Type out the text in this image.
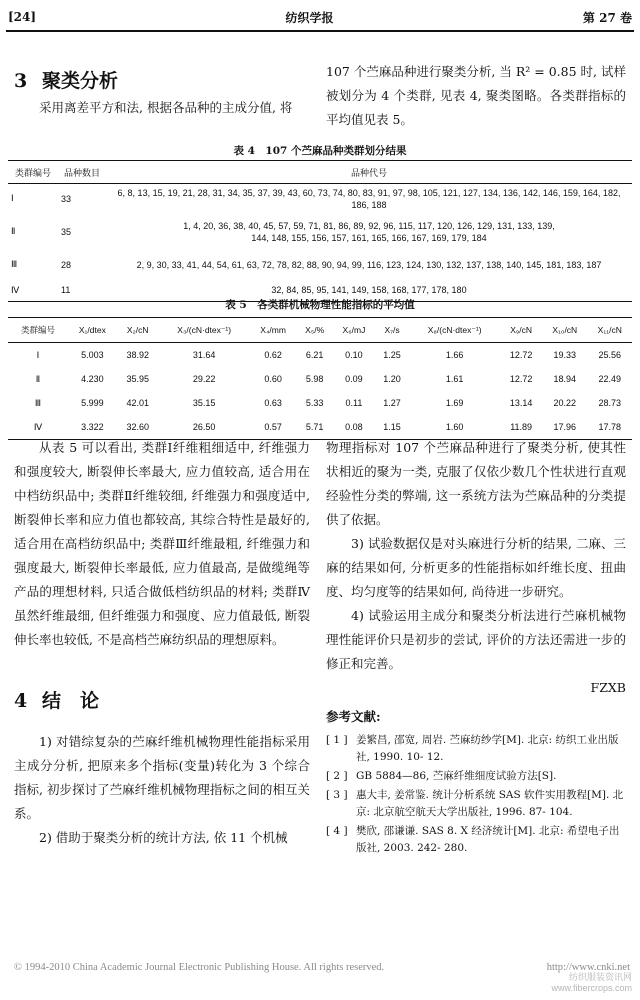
[24]	纺织学报	第 27 卷
3 聚类分析

采用离差平方和法, 根据各品种的主成分值, 将

107 个苎麻品种进行聚类分析, 当 R² = 0.85 时, 试样被划分为 4 个类群, 见表 4, 聚类图略。各类群指标的平均值见表 5。

表 4　107 个苎麻品种类群划分结果
类群编号	品种数目	品种代号
Ⅰ	33	6, 8, 13, 15, 19, 21, 28, 31, 34, 35, 37, 39, 43, 60, 73, 74, 80, 83, 91, 97, 98, 105, 121, 127, 134, 136, 142, 146, 159, 164, 182, 186, 188
Ⅱ	35	1, 4, 20, 36, 38, 40, 45, 57, 59, 71, 81, 86, 89, 92, 96, 115, 117, 120, 126, 129, 131, 133, 139, 144, 148, 155, 156, 157, 161, 165, 166, 167, 169, 179, 184
Ⅲ	28	2, 9, 30, 33, 41, 44, 54, 61, 63, 72, 78, 82, 88, 90, 94, 99, 116, 123, 124, 130, 132, 137, 138, 140, 145, 181, 183, 187
Ⅳ	11	32, 84, 85, 95, 141, 149, 158, 168, 177, 178, 180
表 5　各类群机械物理性能指标的平均值
类群编号	X₁/dtex	X₂/cN	X₃/(cN·dtex⁻¹)	X₄/mm	X₅/%	X₆/mJ	X₇/s	X₈/(cN·dtex⁻¹)	X₉/cN	X₁₀/cN	X₁₁/cN
Ⅰ	5.003	38.92	31.64	0.62	6.21	0.10	1.25	1.66	12.72	19.33	25.56
Ⅱ	4.230	35.95	29.22	0.60	5.98	0.09	1.20	1.61	12.72	18.94	22.49
Ⅲ	5.999	42.01	35.15	0.63	5.33	0.11	1.27	1.69	13.14	20.22	28.73
Ⅳ	3.322	32.60	26.50	0.57	5.71	0.08	1.15	1.60	11.89	17.96	17.78

从表 5 可以看出, 类群Ⅰ纤维粗细适中, 纤维强力和强度较大, 断裂伸长率最大, 应力值较高, 适合用在中档纺织品中; 类群Ⅱ纤维较细, 纤维强力和强度适中, 断裂伸长率和应力值也都较高, 其综合特性是最好的, 适合用在高档纺织品中; 类群Ⅲ纤维最粗, 纤维强力和强度最大, 断裂伸长率最低, 应力值最高, 是做缆绳等产品的理想材料, 只适合做低档纺织品的材料; 类群Ⅳ虽然纤维最细, 但纤维强力和强度、应力值最低, 断裂伸长率也较低, 不是高档苎麻纺织品的理想原料。

4 结　论

1) 对错综复杂的苎麻纤维机械物理性能指标采用主成分分析, 把原来多个指标(变量)转化为 3 个综合指标, 初步探讨了苎麻纤维机械物理指标之间的相互关系。

2) 借助于聚类分析的统计方法, 依 11 个机械

物理指标对 107 个苎麻品种进行了聚类分析, 使其性状相近的聚为一类, 克服了仅依少数几个性状进行直观经验性分类的弊端, 这一系统方法为苎麻品种的分类提供了依据。

3) 试验数据仅是对头麻进行分析的结果, 二麻、三麻的结果如何, 分析更多的性能指标如纤维长度、扭曲度、均匀度等的结果如何, 尚待进一步研究。

4) 试验运用主成分和聚类分析法进行苎麻机械物理性能评价只是初步的尝试, 评价的方法还需进一步的修正和完善。

FZXB
参考文献:
[ 1 ] 姜繁昌, 邵宽, 周岩. 苎麻纺纱学[M]. 北京: 纺织工业出版社, 1990. 10- 12.
[ 2 ] GB 5884—86, 苎麻纤维细度试验方法[S].
[ 3 ] 惠大丰, 姜常鉴. 统计分析系统 SAS 软件实用教程[M]. 北京: 北京航空航天大学出版社, 1996. 87- 104.
[ 4 ] 樊欣, 邵谦谦. SAS 8. X 经济统计[M]. 北京: 希望电子出版社, 2003. 242- 280.
© 1994-2010 China Academic Journal Electronic Publishing House. All rights reserved.	http://www.cnki.net
纺织服装资讯网
www.fibercrops.com
